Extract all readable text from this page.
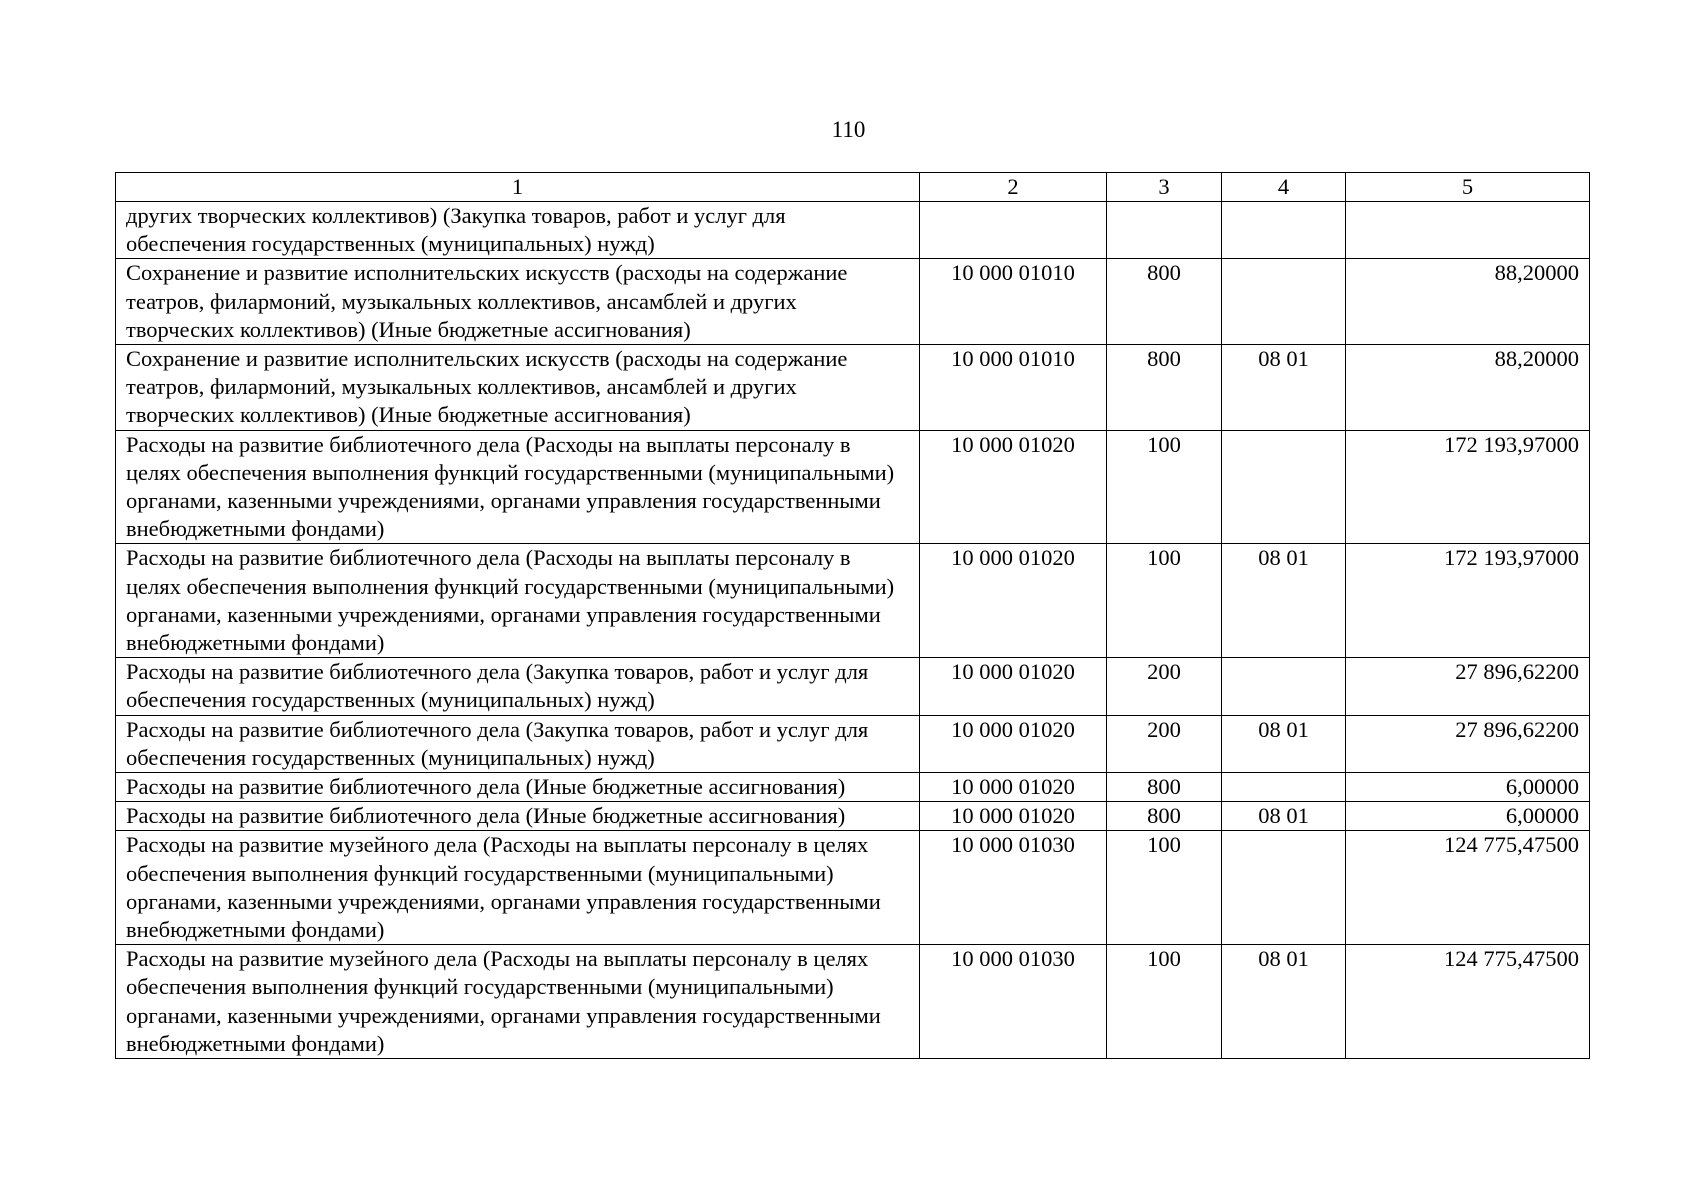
110
1	2	3	4	5
других творческих коллективов) (Закупка товаров, работ и услуг для обеспечения государственных (муниципальных) нужд)				
Сохранение и развитие исполнительских искусств (расходы на содержание театров, филармоний, музыкальных коллективов, ансамблей и других творческих коллективов) (Иные бюджетные ассигнования)	10 000 01010	800		88,20000
Сохранение и развитие исполнительских искусств (расходы на содержание театров, филармоний, музыкальных коллективов, ансамблей и других творческих коллективов) (Иные бюджетные ассигнования)	10 000 01010	800	08 01	88,20000
Расходы на развитие библиотечного дела (Расходы на выплаты персоналу в целях обеспечения выполнения функций государственными (муниципальными) органами, казенными учреждениями, органами управления государственными внебюджетными фондами)	10 000 01020	100		172 193,97000
Расходы на развитие библиотечного дела (Расходы на выплаты персоналу в целях обеспечения выполнения функций государственными (муниципальными) органами, казенными учреждениями, органами управления государственными внебюджетными фондами)	10 000 01020	100	08 01	172 193,97000
Расходы на развитие библиотечного дела (Закупка товаров, работ и услуг для обеспечения государственных (муниципальных) нужд)	10 000 01020	200		27 896,62200
Расходы на развитие библиотечного дела (Закупка товаров, работ и услуг для обеспечения государственных (муниципальных) нужд)	10 000 01020	200	08 01	27 896,62200
Расходы на развитие библиотечного дела (Иные бюджетные ассигнования)	10 000 01020	800		6,00000
Расходы на развитие библиотечного дела (Иные бюджетные ассигнования)	10 000 01020	800	08 01	6,00000
Расходы на развитие музейного дела (Расходы на выплаты персоналу в целях обеспечения выполнения функций государственными (муниципальными) органами, казенными учреждениями, органами управления государственными внебюджетными фондами)	10 000 01030	100		124 775,47500
Расходы на развитие музейного дела (Расходы на выплаты персоналу в целях обеспечения выполнения функций государственными (муниципальными) органами, казенными учреждениями, органами управления государственными внебюджетными фондами)	10 000 01030	100	08 01	124 775,47500
